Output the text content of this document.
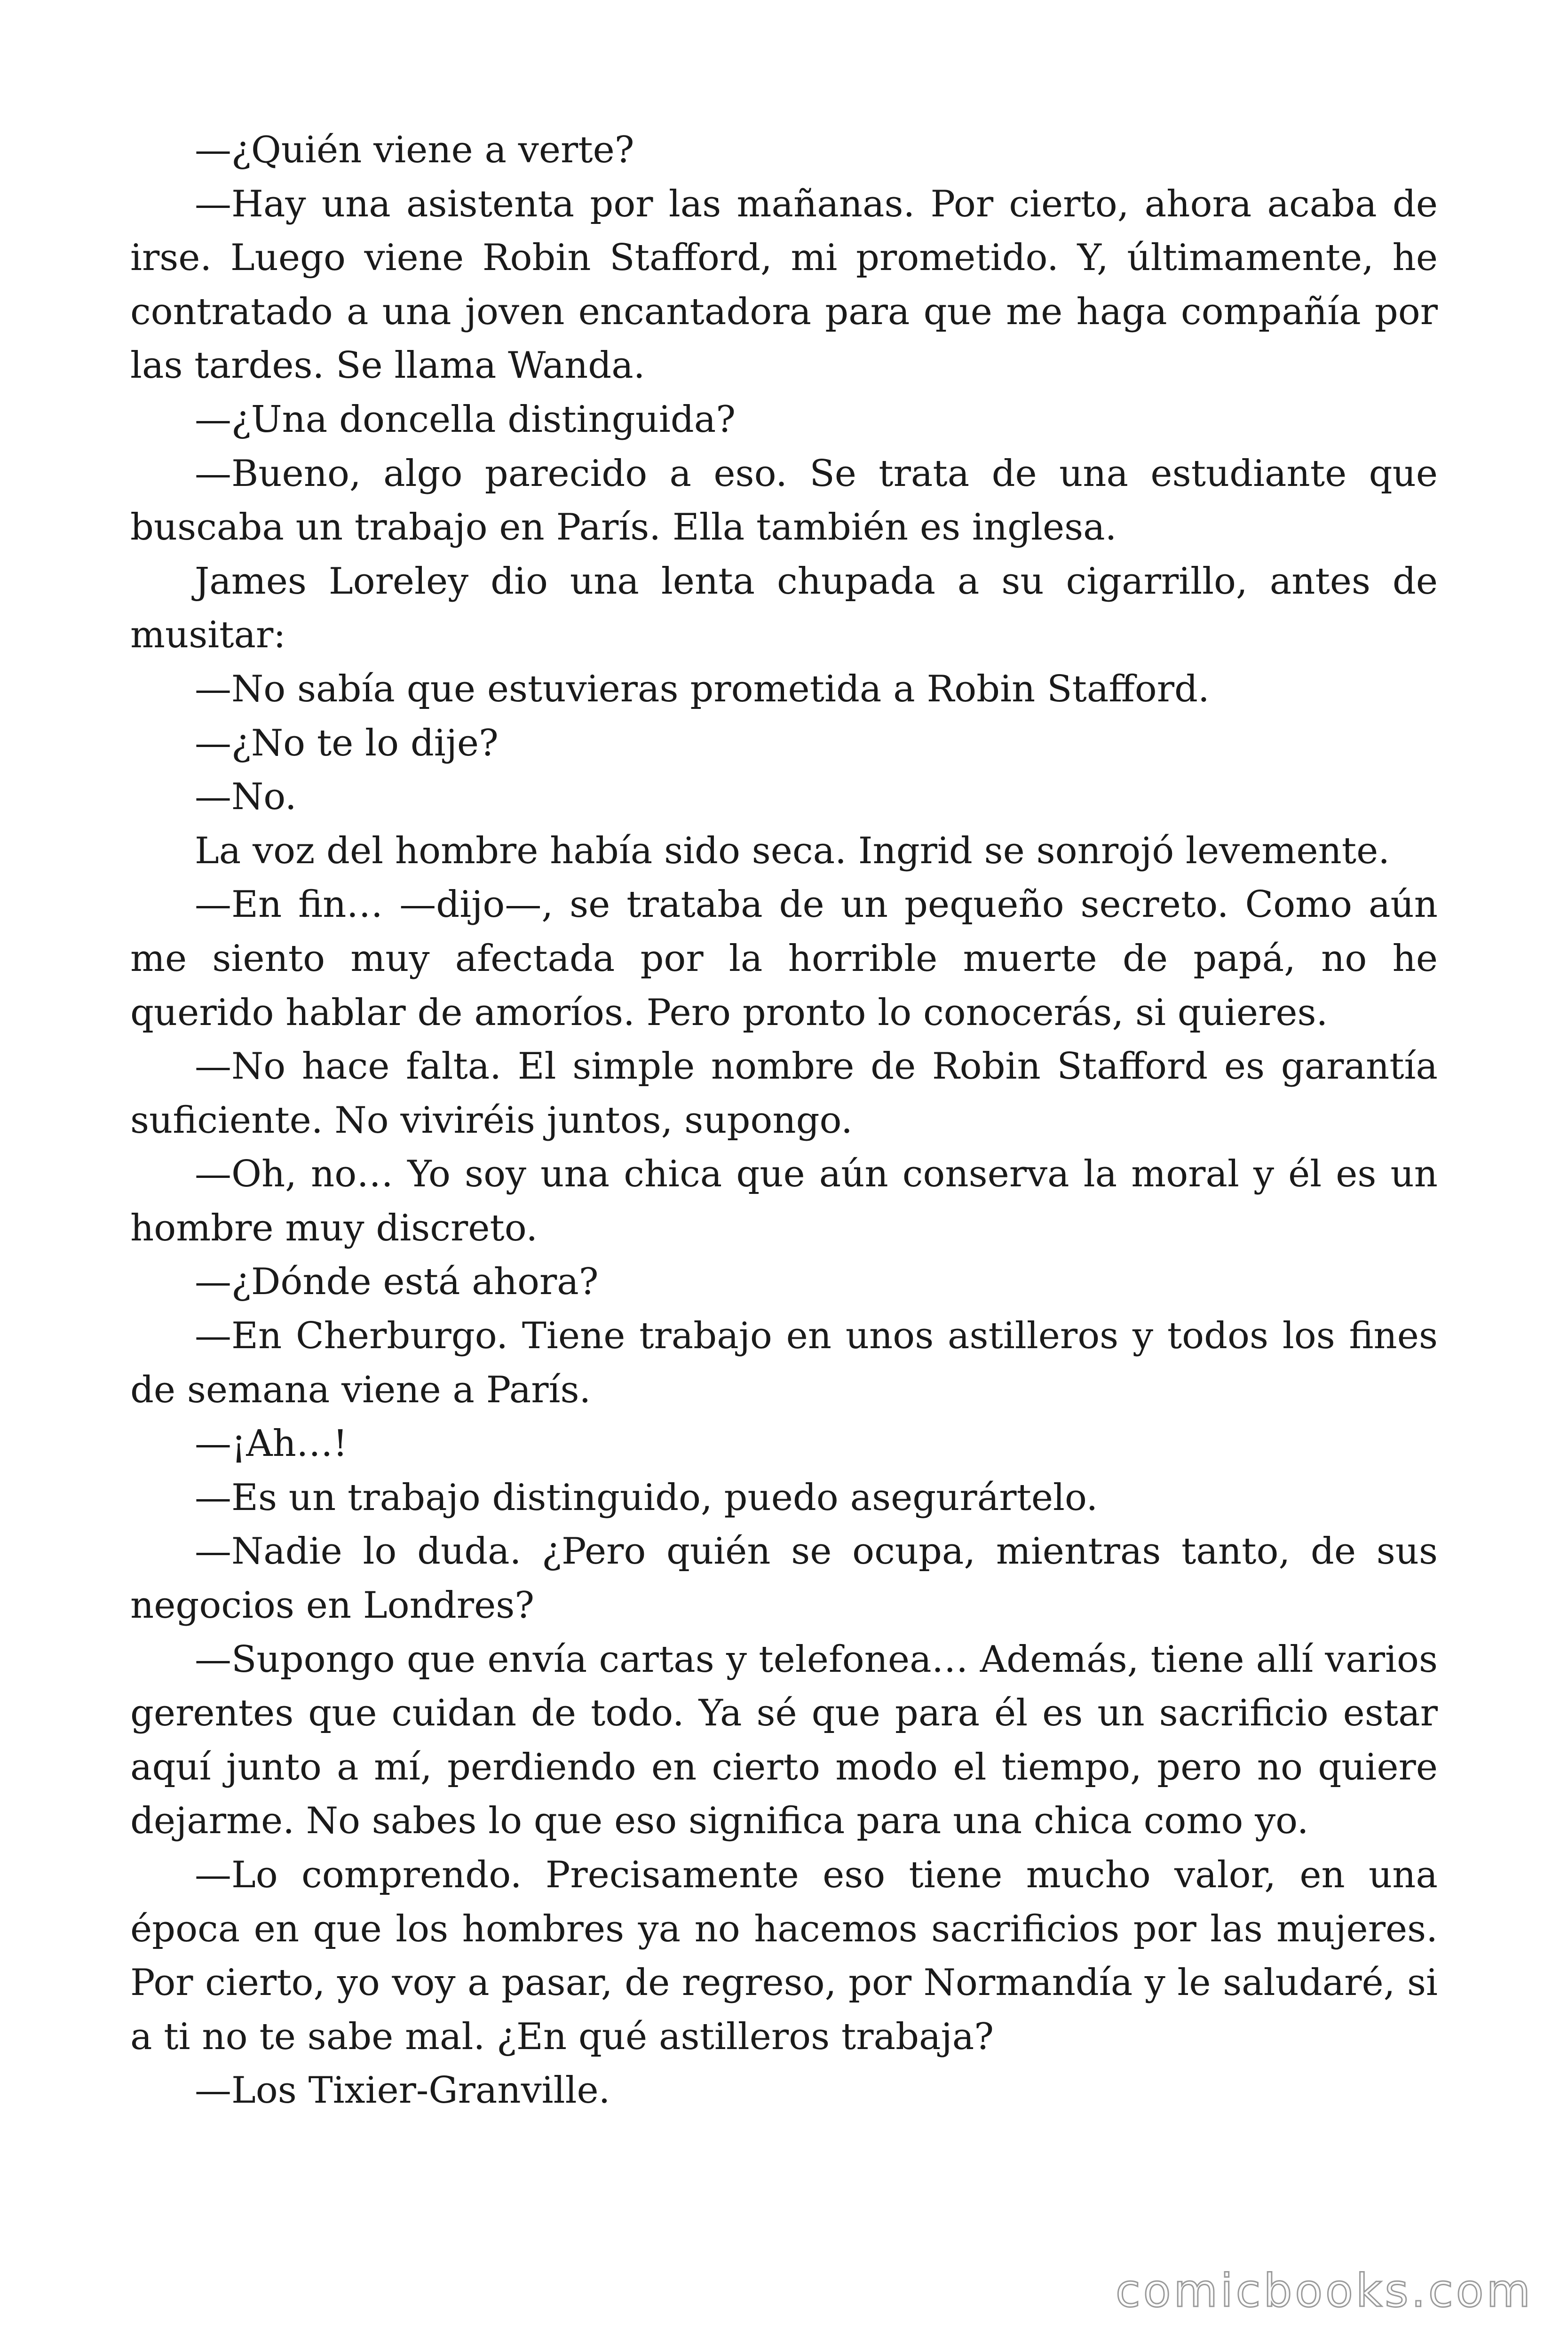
—¿Quién viene a verte?

—Hay una asistenta por las mañanas. Por cierto, ahora acaba de irse. Luego viene Robin Stafford, mi prometido. Y, últimamente, he contratado a una joven encantadora para que me haga compañía por las tardes. Se llama Wanda.

—¿Una doncella distinguida?

—Bueno, algo parecido a eso. Se trata de una estudiante que buscaba un trabajo en París. Ella también es inglesa.

James Loreley dio una lenta chupada a su cigarrillo, antes de musitar:

—No sabía que estuvieras prometida a Robin Stafford.

—¿No te lo dije?

—No.

La voz del hombre había sido seca. Ingrid se sonrojó levemente.

—En fin… —dijo—, se trataba de un pequeño secreto. Como aún me siento muy afectada por la horrible muerte de papá, no he querido hablar de amoríos. Pero pronto lo conocerás, si quieres.

—No hace falta. El simple nombre de Robin Stafford es garantía suficiente. No viviréis juntos, supongo.

—Oh, no… Yo soy una chica que aún conserva la moral y él es un hombre muy discreto.

—¿Dónde está ahora?

—En Cherburgo. Tiene trabajo en unos astilleros y todos los fines de semana viene a París.

—¡Ah…!

—Es un trabajo distinguido, puedo asegurártelo.

—Nadie lo duda. ¿Pero quién se ocupa, mientras tanto, de sus negocios en Londres?

—Supongo que envía cartas y telefonea… Además, tiene allí varios gerentes que cuidan de todo. Ya sé que para él es un sacrificio estar aquí junto a mí, perdiendo en cierto modo el tiempo, pero no quiere dejarme. No sabes lo que eso significa para una chica como yo.

—Lo comprendo. Precisamente eso tiene mucho valor, en una época en que los hombres ya no hacemos sacrificios por las mujeres. Por cierto, yo voy a pasar, de regreso, por Normandía y le saludaré, si a ti no te sabe mal. ¿En qué astilleros trabaja?

—Los Tixier-Granville.

comicbooks.com
